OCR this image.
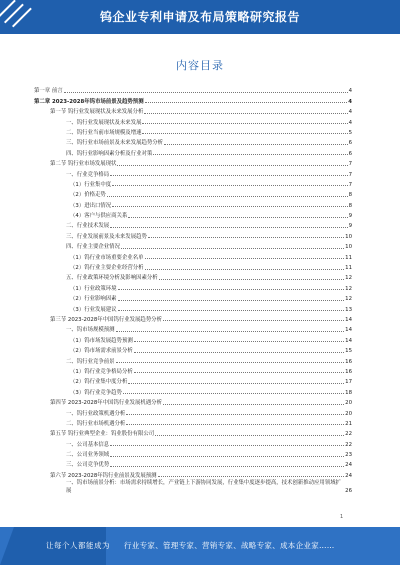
钨企业专利申请及布局策略研究报告
内容目录
第一章 前言	4
第二章 2023-2028年钨市场前景及趋势预测	4
第一节 钨行业发展现状及未来发展分析	4
一、钨行业发展现状及未来发展	4
二、钨行业当前市场规模及增速	5
三、钨行业市场前景及未来发展趋势分析	6
四、钨行业影响因素分析及行业对策	6
第二节 钨行业市场发展现状	7
一、行业竞争格局	7
（1）行业集中度	7
（2）价格走势	8
（3）进出口情况	8
（4）客户与供应商关系	9
二、行业技术发展	9
三、行业发展前景及未来发展趋势	10
四、行业主要企业情况	10
（1）钨行业市场重要企业名单	11
（2）钨行业主要企业经营分析	11
五、行业政策环境分析及影响因素分析	12
（1）行业政策环境	12
（2）行业影响因素	12
（3）行业发展建议	13
第三节 2023-2028年中国钨行业发展趋势分析	14
一、钨市场规模预测	14
（1）钨市场发展趋势预测	14
（2）钨市场需求前景分析	15
二、钨行业竞争前景	16
（1）钨行业竞争格局分析	16
（2）钨行业集中度分析	17
（3）钨行业竞争趋势	18
第四节 2023-2028年中国钨行业发展机遇分析	20
一、钨行业政策机遇分析	20
二、钨行业市场机遇分析	21
第五节 钨行业典型企业：钨业股份有限公司	22
一、公司基本信息	22
二、公司业务领域	23
三、公司竞争优势	24
第六节 2023-2028年钨行业前景及发展预测	24
一、钨市场前景分析：市场需求持续增长，产业链上下游协同发展，行业集中度逐步提高，技术创新推动应用领域扩展	26
1
让每个人都能成为 行业专家、管理专家、营销专家、战略专家、成本企业家……
